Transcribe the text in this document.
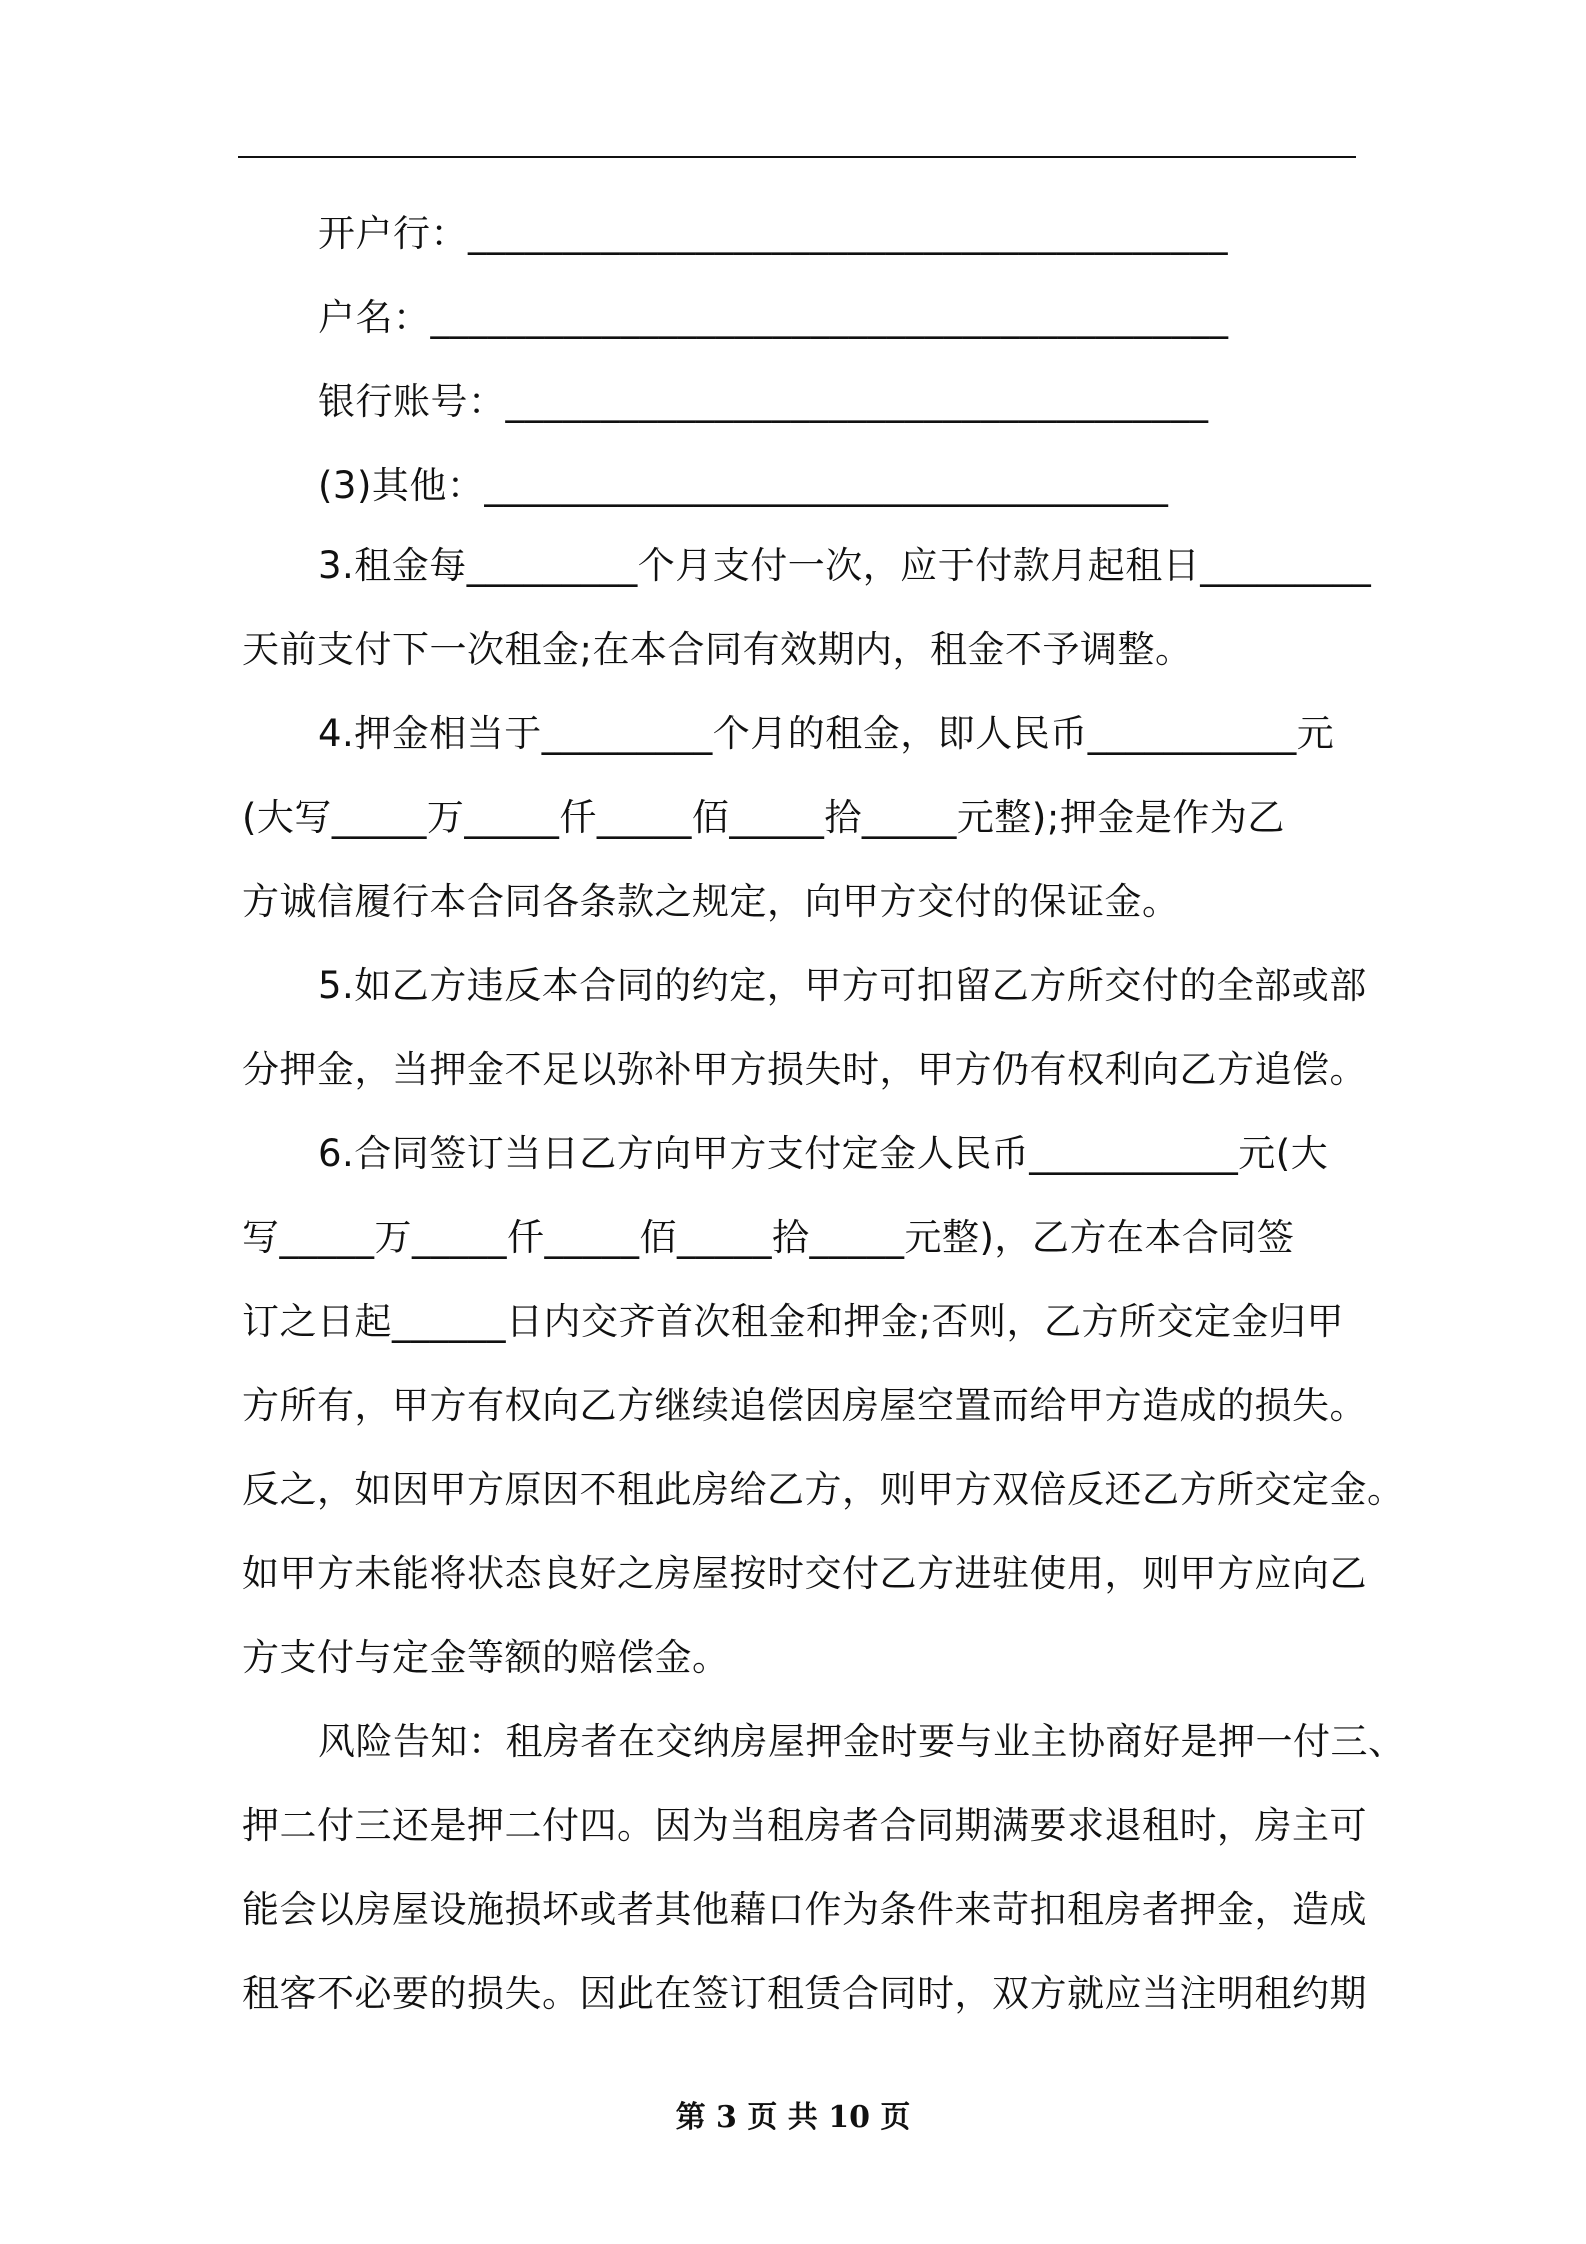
开户行：________________________________________

户名：__________________________________________

银行账号：_____________________________________

(3)其他：____________________________________

3.租金每_________个月支付一次，应于付款月起租日_________

天前支付下一次租金;在本合同有效期内，租金不予调整。

4.押金相当于_________个月的租金，即人民币___________元

(大写_____万_____仟_____佰_____拾_____元整);押金是作为乙

方诚信履行本合同各条款之规定，向甲方交付的保证金。

5.如乙方违反本合同的约定，甲方可扣留乙方所交付的全部或部

分押金，当押金不足以弥补甲方损失时，甲方仍有权利向乙方追偿。

6.合同签订当日乙方向甲方支付定金人民币___________元(大

写_____万_____仟_____佰_____拾_____元整)，乙方在本合同签

订之日起______日内交齐首次租金和押金;否则，乙方所交定金归甲

方所有，甲方有权向乙方继续追偿因房屋空置而给甲方造成的损失。

反之，如因甲方原因不租此房给乙方，则甲方双倍反还乙方所交定金。

如甲方未能将状态良好之房屋按时交付乙方进驻使用，则甲方应向乙

方支付与定金等额的赔偿金。

风险告知：租房者在交纳房屋押金时要与业主协商好是押一付三、

押二付三还是押二付四。因为当租房者合同期满要求退租时，房主可

能会以房屋设施损坏或者其他藉口作为条件来苛扣租房者押金，造成

租客不必要的损失。因此在签订租赁合同时，双方就应当注明租约期

第 3 页 共 10 页
